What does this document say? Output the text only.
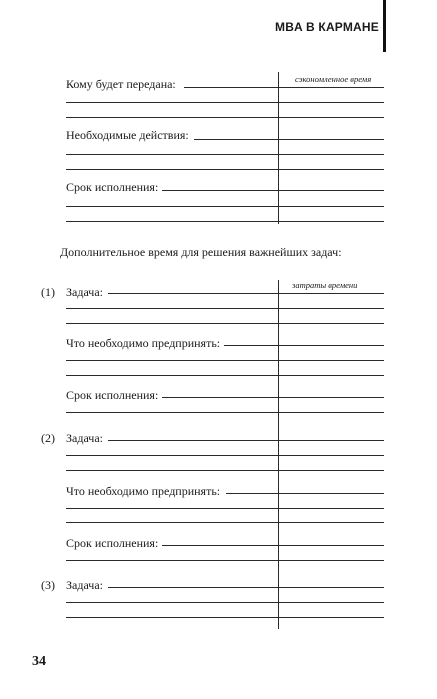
MBA В КАРМАНЕ
сэкономленное время
Кому будет передана:
Необходимые действия:
Срок исполнения:
Дополнительное время для решения важнейших задач:
затраты времени
(1) Задача:
Что необходимо предпринять:
Срок исполнения:
(2) Задача:
Что необходимо предпринять:
Срок исполнения:
(3) Задача:
34
